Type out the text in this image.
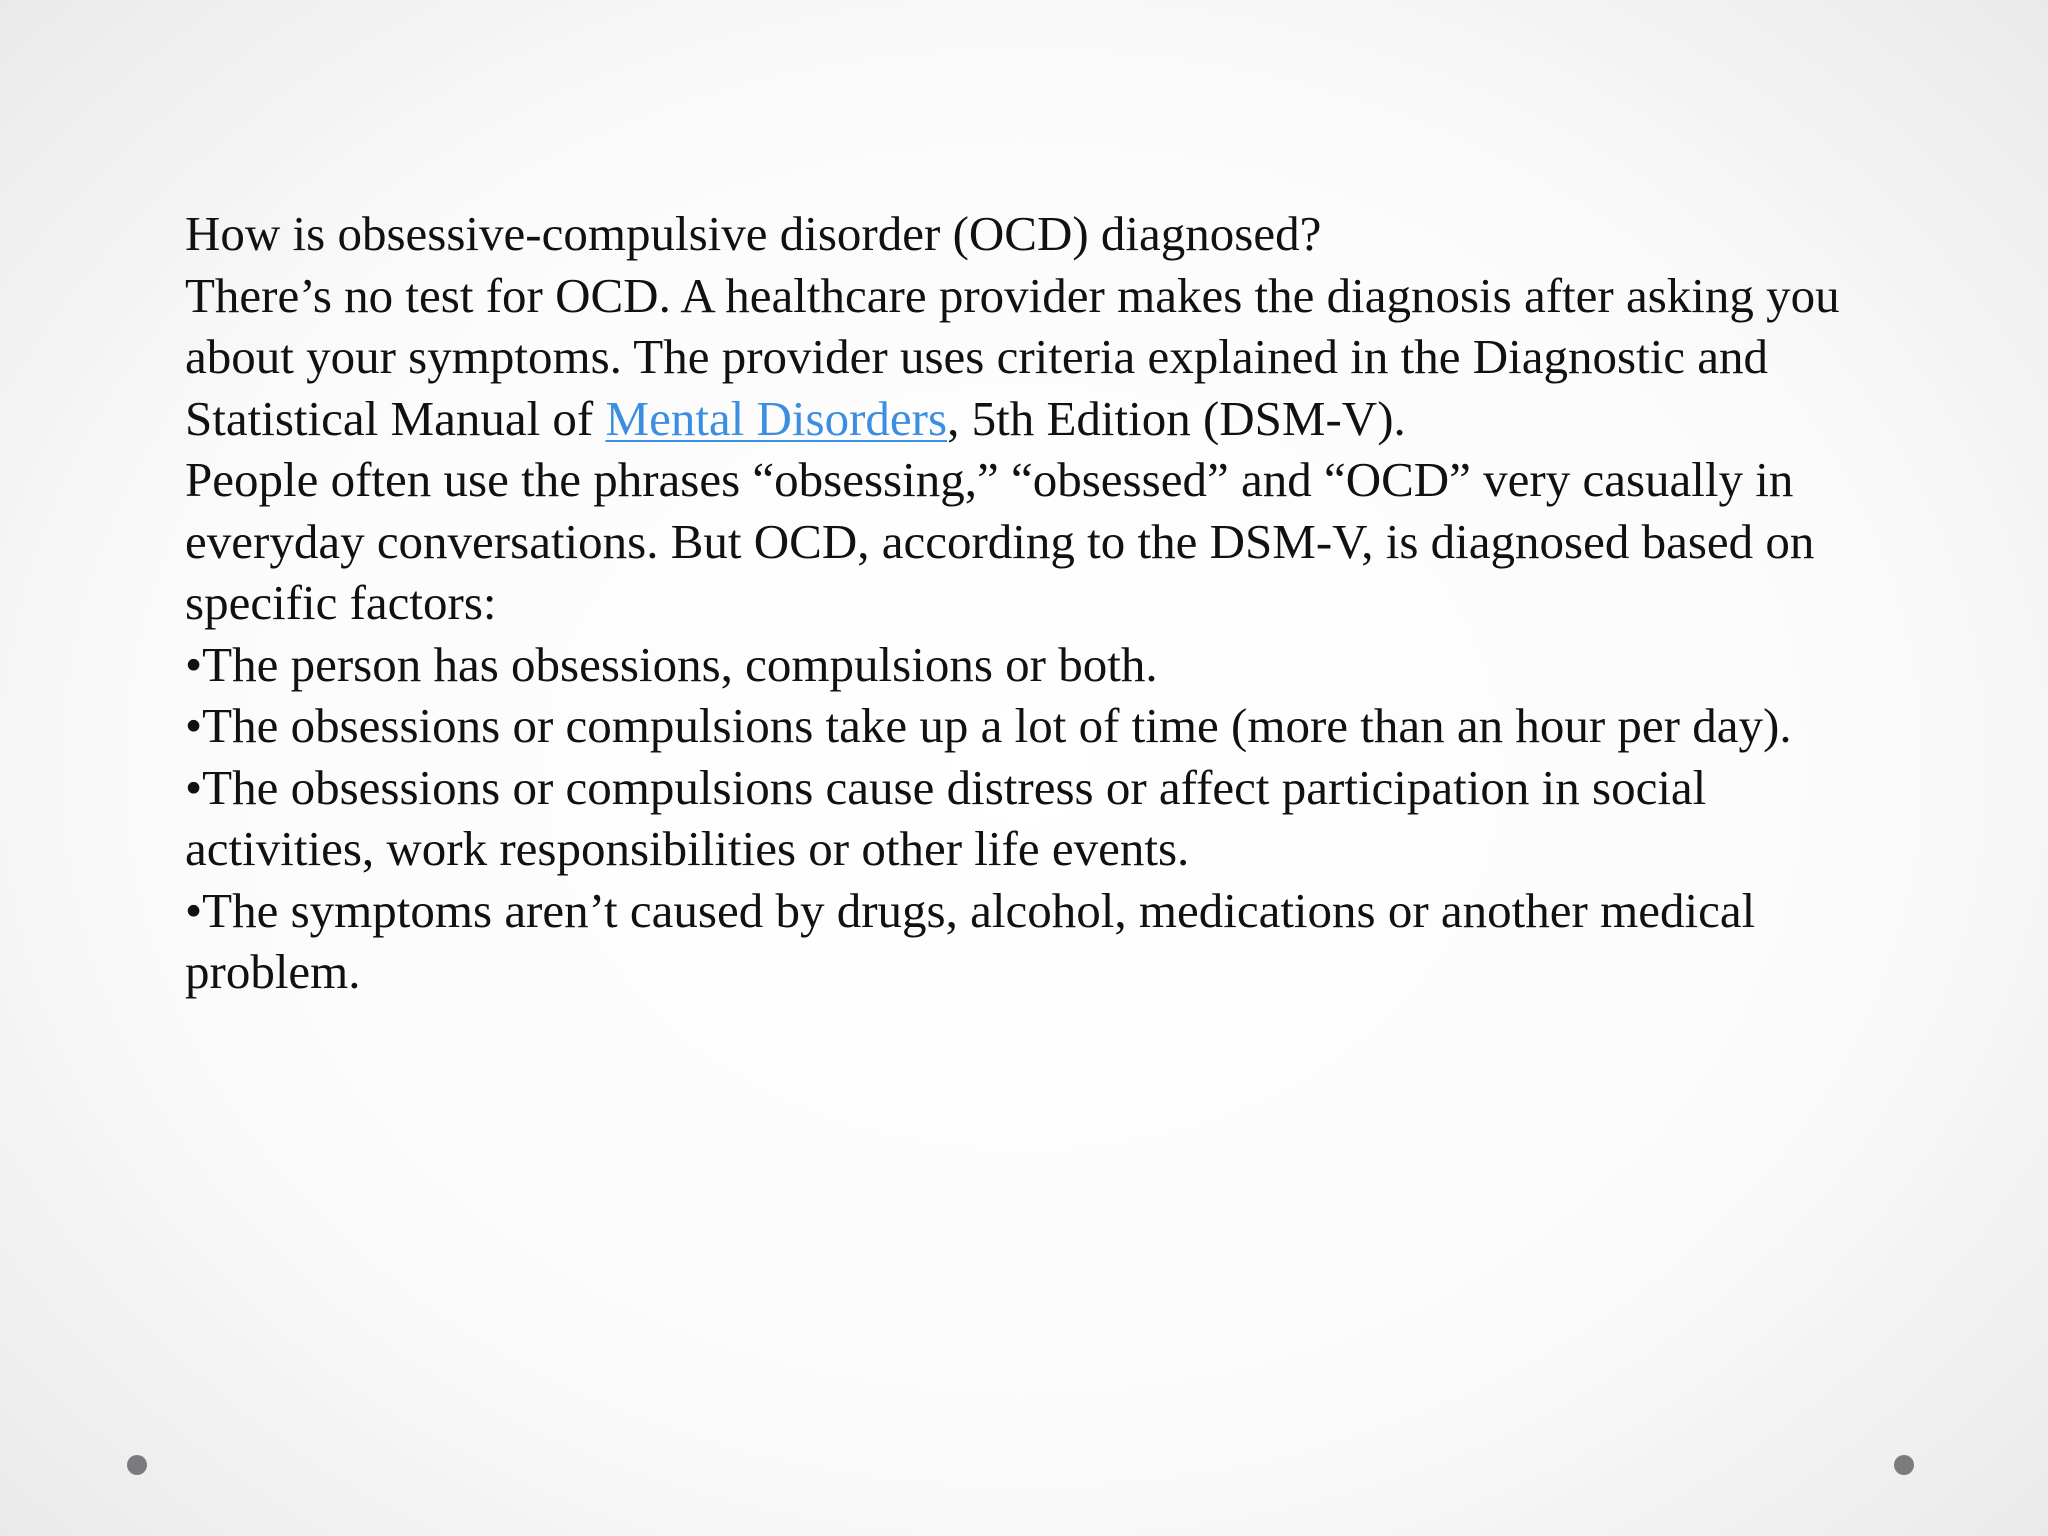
How is obsessive-compulsive disorder (OCD) diagnosed?

There’s no test for OCD. A healthcare provider makes the diagnosis after asking you about your symptoms. The provider uses criteria explained in the Diagnostic and Statistical Manual of Mental Disorders, 5th Edition (DSM-V).

People often use the phrases “obsessing,” “obsessed” and “OCD” very casually in everyday conversations. But OCD, according to the DSM-V, is diagnosed based on specific factors:

•The person has obsessions, compulsions or both.

•The obsessions or compulsions take up a lot of time (more than an hour per day).

•The obsessions or compulsions cause distress or affect participation in social activities, work responsibilities or other life events.

•The symptoms aren’t caused by drugs, alcohol, medications or another medical problem.
